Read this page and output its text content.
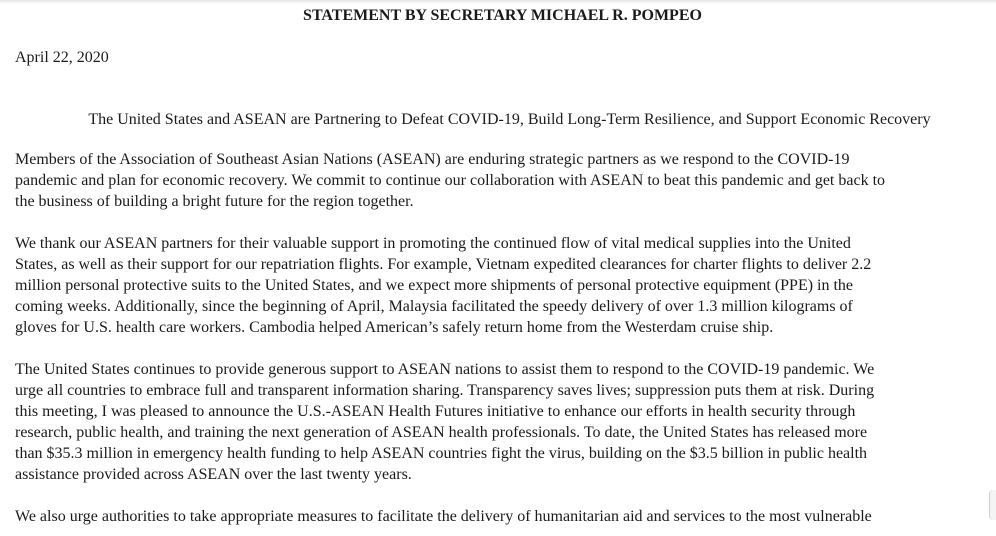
STATEMENT BY SECRETARY MICHAEL R. POMPEO

April 22, 2020

The United States and ASEAN are Partnering to Defeat COVID-19, Build Long-Term Resilience, and Support Economic Recovery

Members of the Association of Southeast Asian Nations (ASEAN) are enduring strategic partners as we respond to the COVID-19
pandemic and plan for economic recovery. We commit to continue our collaboration with ASEAN to beat this pandemic and get back to
the business of building a bright future for the region together.

We thank our ASEAN partners for their valuable support in promoting the continued flow of vital medical supplies into the United
States, as well as their support for our repatriation flights. For example, Vietnam expedited clearances for charter flights to deliver 2.2
million personal protective suits to the United States, and we expect more shipments of personal protective equipment (PPE) in the
coming weeks. Additionally, since the beginning of April, Malaysia facilitated the speedy delivery of over 1.3 million kilograms of
gloves for U.S. health care workers. Cambodia helped American’s safely return home from the Westerdam cruise ship.

The United States continues to provide generous support to ASEAN nations to assist them to respond to the COVID-19 pandemic. We
urge all countries to embrace full and transparent information sharing. Transparency saves lives; suppression puts them at risk. During
this meeting, I was pleased to announce the U.S.-ASEAN Health Futures initiative to enhance our efforts in health security through
research, public health, and training the next generation of ASEAN health professionals. To date, the United States has released more
than $35.3 million in emergency health funding to help ASEAN countries fight the virus, building on the $3.5 billion in public health
assistance provided across ASEAN over the last twenty years.

We also urge authorities to take appropriate measures to facilitate the delivery of humanitarian aid and services to the most vulnerable
